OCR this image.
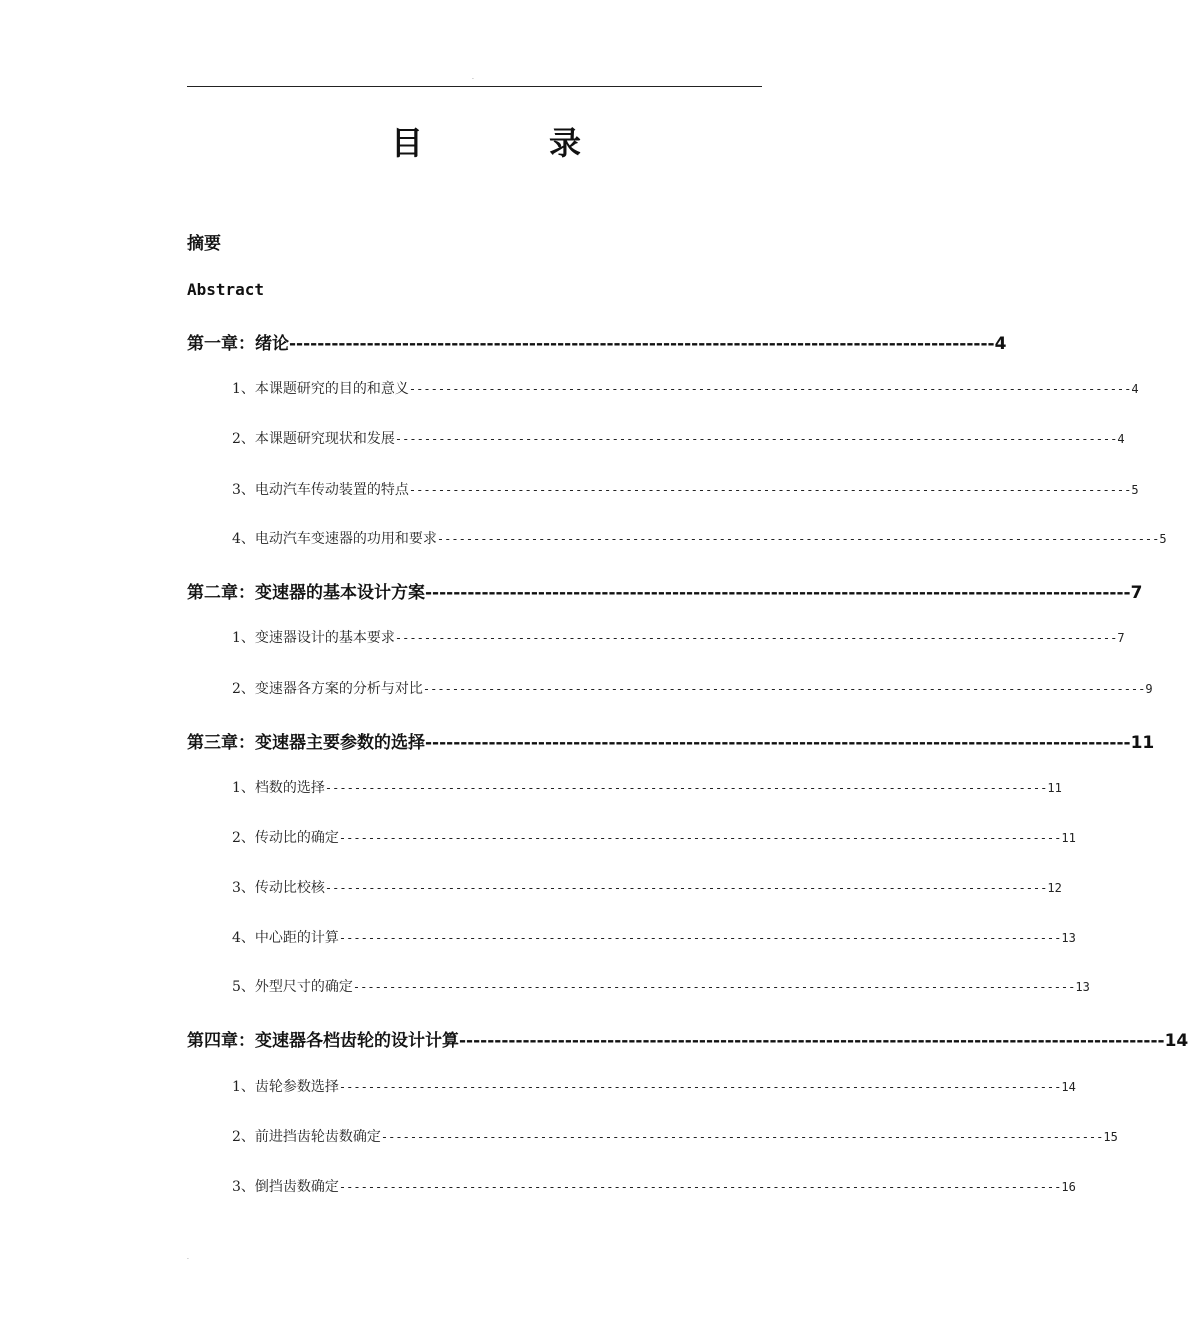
.
目	录
摘要
Abstract
第一章：绪论 ---------------------------------------------------------------------------------------------------- 4
1、本课题研究的目的和意义 ---------------------------------------------------------------------------------------------------- 4
2、本课题研究现状和发展 ---------------------------------------------------------------------------------------------------- 4
3、电动汽车传动装置的特点 ---------------------------------------------------------------------------------------------------- 5
4、电动汽车变速器的功用和要求 ---------------------------------------------------------------------------------------------------- 5
第二章：变速器的基本设计方案 ---------------------------------------------------------------------------------------------------- 7
1、变速器设计的基本要求 ---------------------------------------------------------------------------------------------------- 7
2、变速器各方案的分析与对比 ---------------------------------------------------------------------------------------------------- 9
第三章：变速器主要参数的选择 ---------------------------------------------------------------------------------------------------- 11
1、档数的选择 ---------------------------------------------------------------------------------------------------- 11
2、传动比的确定 ---------------------------------------------------------------------------------------------------- 11
3、传动比校核 ---------------------------------------------------------------------------------------------------- 12
4、中心距的计算 ---------------------------------------------------------------------------------------------------- 13
5、外型尺寸的确定 ---------------------------------------------------------------------------------------------------- 13
第四章：变速器各档齿轮的设计计算 ---------------------------------------------------------------------------------------------------- 14
1、齿轮参数选择 ---------------------------------------------------------------------------------------------------- 14
2、前进挡齿轮齿数确定 ---------------------------------------------------------------------------------------------------- 15
3、倒挡齿数确定 ---------------------------------------------------------------------------------------------------- 16
.
